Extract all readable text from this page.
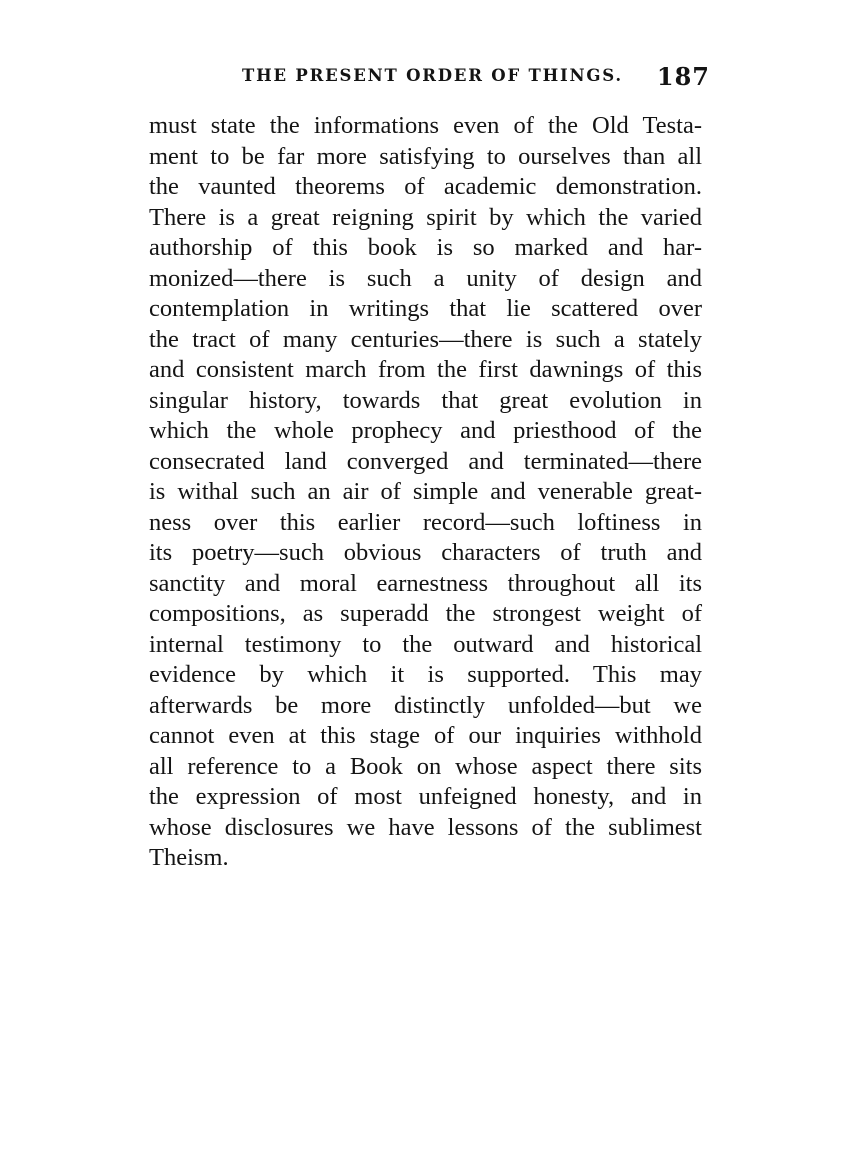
THE PRESENT ORDER OF THINGS. 187

must state the informations even of the Old Testa-
ment to be far more satisfying to ourselves than all
the vaunted theorems of academic demonstration.
There is a great reigning spirit by which the varied
authorship of this book is so marked and har-
monized—there is such a unity of design and
contemplation in writings that lie scattered over
the tract of many centuries—there is such a stately
and consistent march from the first dawnings of this
singular history, towards that great evolution in
which the whole prophecy and priesthood of the
consecrated land converged and terminated—there
is withal such an air of simple and venerable great-
ness over this earlier record—such loftiness in
its poetry—such obvious characters of truth and
sanctity and moral earnestness throughout all its
compositions, as superadd the strongest weight of
internal testimony to the outward and historical
evidence by which it is supported. This may
afterwards be more distinctly unfolded—but we
cannot even at this stage of our inquiries withhold
all reference to a Book on whose aspect there sits
the expression of most unfeigned honesty, and in
whose disclosures we have lessons of the sublimest
Theism.
